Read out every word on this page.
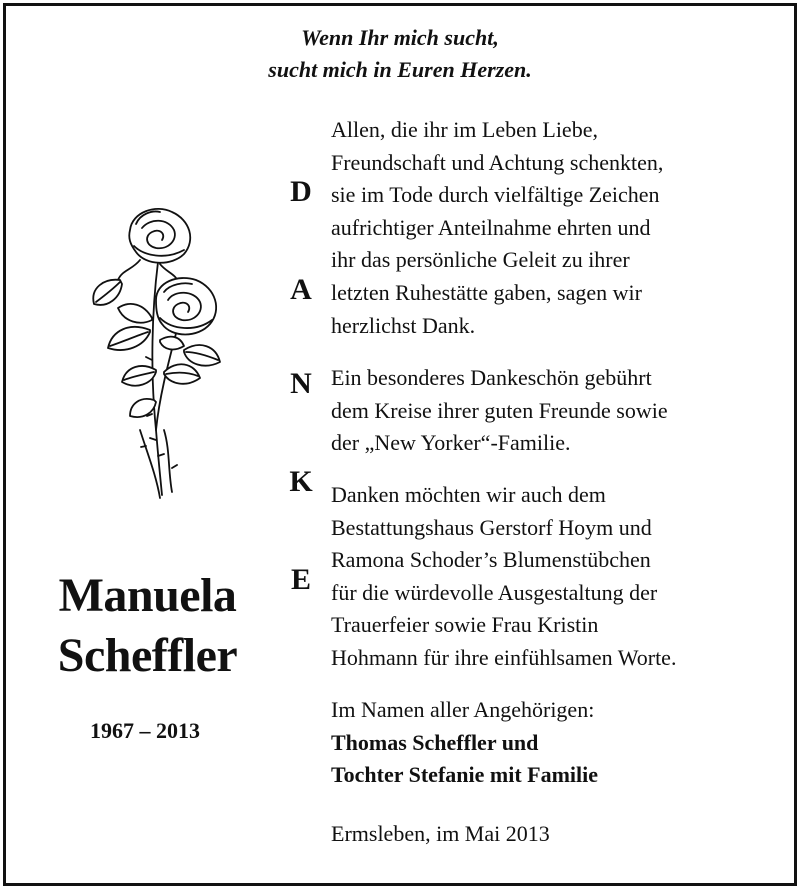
Wenn Ihr mich sucht,
sucht mich in Euren Herzen.
Manuela
Scheffler
1967 – 2013
D
A
N
K
E
Allen, die ihr im Leben Liebe,
Freundschaft und Achtung schenkten,
sie im Tode durch vielfältige Zeichen
aufrichtiger Anteilnahme ehrten und
ihr das persönliche Geleit zu ihrer
letzten Ruhestätte gaben, sagen wir
herzlichst Dank.
Ein besonderes Dankeschön gebührt
dem Kreise ihrer guten Freunde sowie
der „New Yorker“-Familie.
Danken möchten wir auch dem
Bestattungshaus Gerstorf Hoym und
Ramona Schoder’s Blumenstübchen
für die würdevolle Ausgestaltung der
Trauerfeier sowie Frau Kristin
Hohmann für ihre einfühlsamen Worte.
Im Namen aller Angehörigen:
Thomas Scheffler und
Tochter Stefanie mit Familie
Ermsleben, im Mai 2013
